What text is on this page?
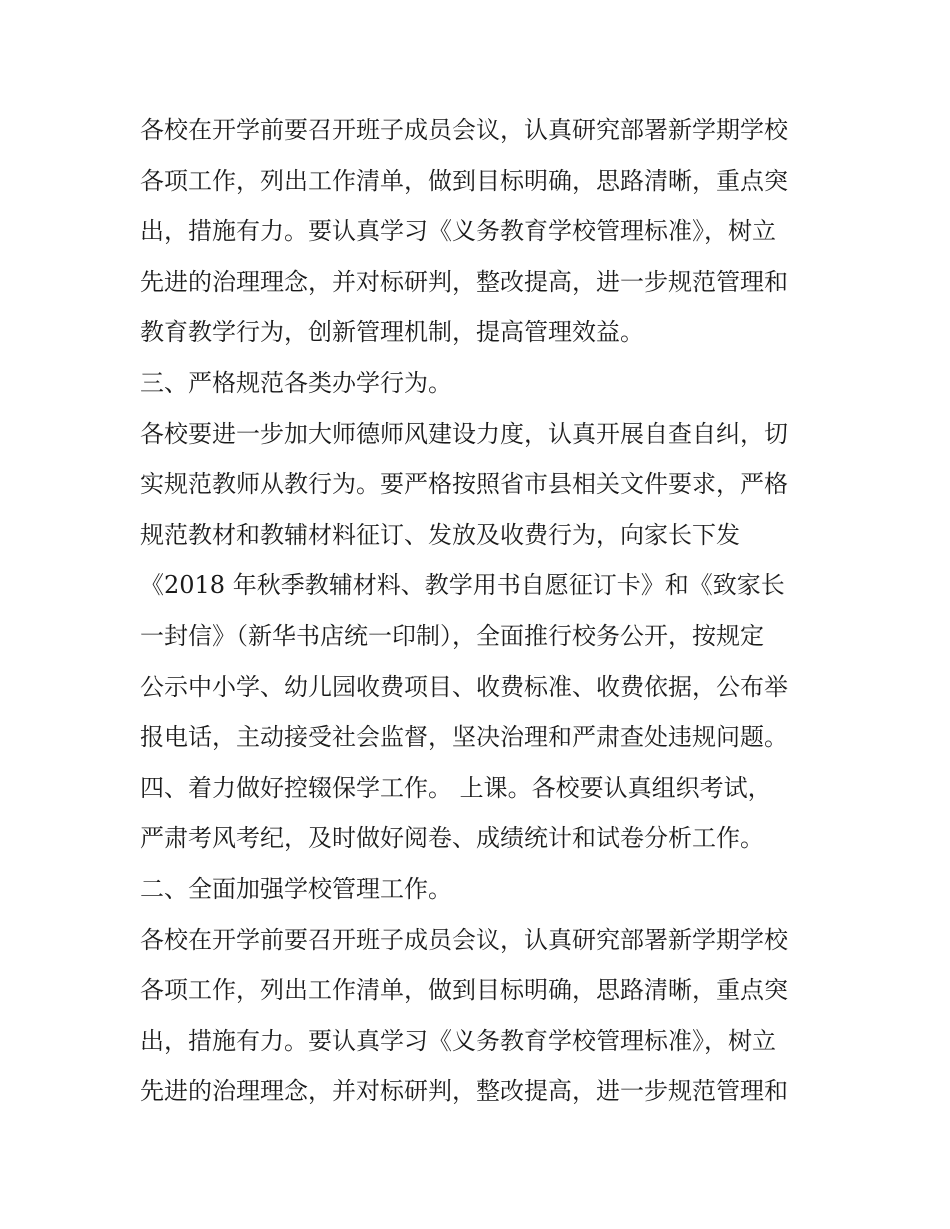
各校在开学前要召开班子成员会议，认真研究部署新学期学校
各项工作，列出工作清单，做到目标明确，思路清晰，重点突
出，措施有力。要认真学习《义务教育学校管理标准》，树立
先进的治理理念，并对标研判，整改提高，进一步规范管理和
教育教学行为，创新管理机制，提高管理效益。
三、严格规范各类办学行为。
各校要进一步加大师德师风建设力度，认真开展自查自纠，切
实规范教师从教行为。要严格按照省市县相关文件要求，严格
规范教材和教辅材料征订、发放及收费行为，向家长下发
《2018 年秋季教辅材料、教学用书自愿征订卡》和《致家长
一封信》（新华书店统一印制），全面推行校务公开，按规定
公示中小学、幼儿园收费项目、收费标准、收费依据，公布举
报电话，主动接受社会监督，坚决治理和严肃查处违规问题。
四、着力做好控辍保学工作。 上课。各校要认真组织考试，
严肃考风考纪，及时做好阅卷、成绩统计和试卷分析工作。
二、全面加强学校管理工作。
各校在开学前要召开班子成员会议，认真研究部署新学期学校
各项工作，列出工作清单，做到目标明确，思路清晰，重点突
出，措施有力。要认真学习《义务教育学校管理标准》，树立
先进的治理理念，并对标研判，整改提高，进一步规范管理和
